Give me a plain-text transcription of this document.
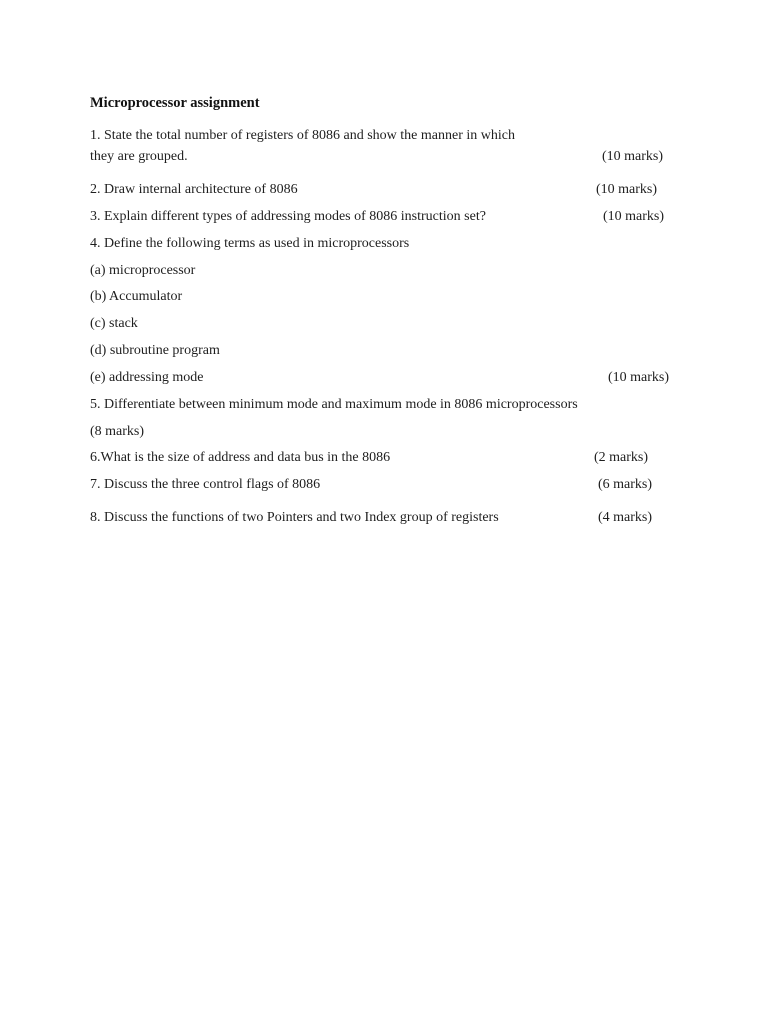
Microprocessor assignment
1. State the total number of registers of 8086 and show the manner in which
they are grouped.	(10 marks)
2. Draw internal architecture of 8086	(10 marks)
3. Explain different types of addressing modes of 8086 instruction set?	(10 marks)
4. Define the following terms as used in microprocessors
(a) microprocessor
(b) Accumulator
(c) stack
(d) subroutine program
(e) addressing mode	(10 marks)
5. Differentiate between minimum mode and maximum mode in 8086 microprocessors
(8 marks)
6.What is the size of address and data bus in the 8086	(2 marks)
7. Discuss the three control flags of 8086	(6 marks)
8. Discuss the functions of two Pointers and two Index group of registers	(4 marks)
